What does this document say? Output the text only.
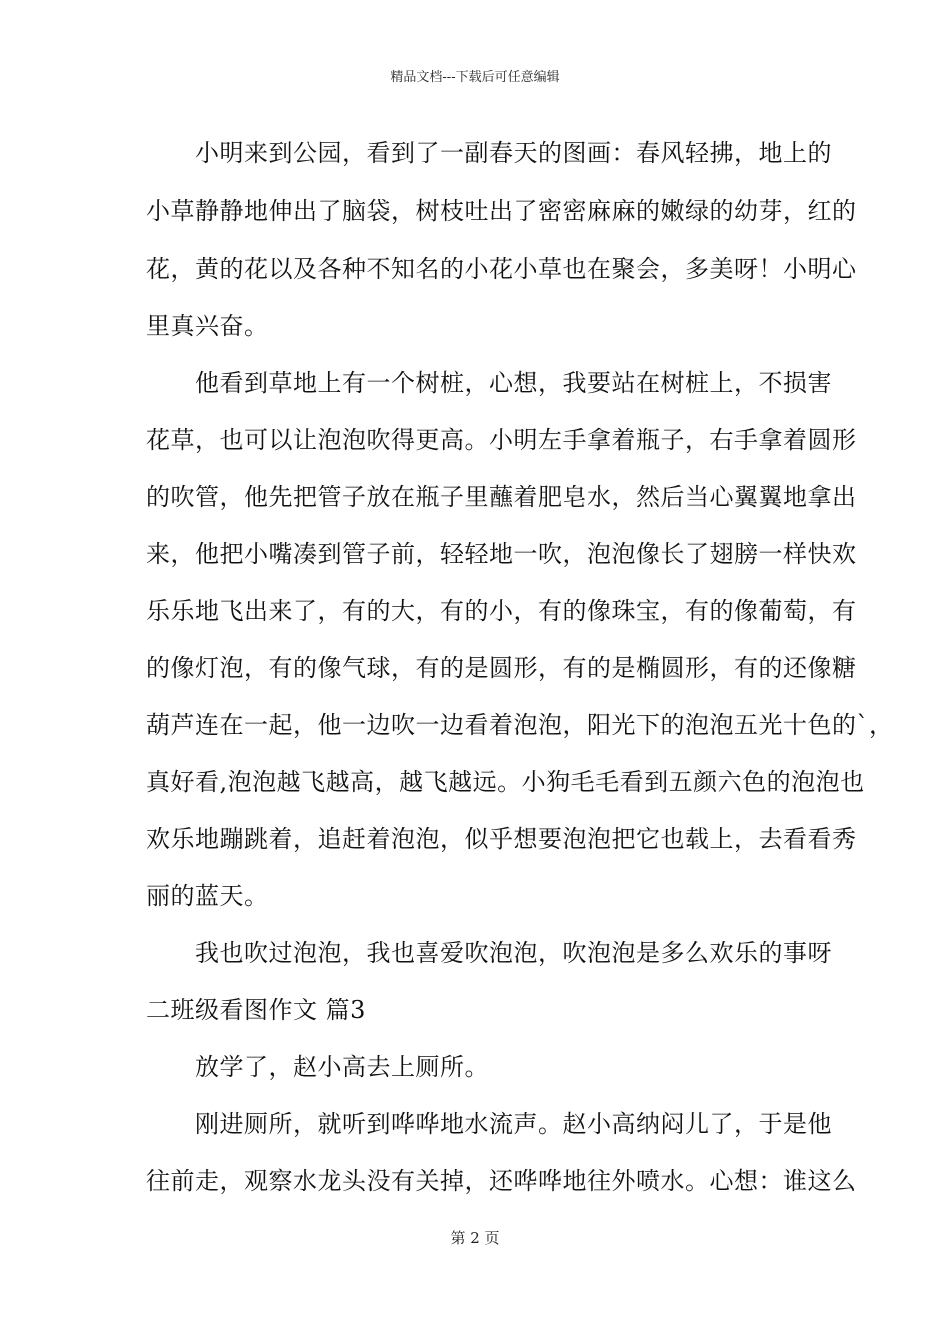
精品文档---下载后可任意编辑
　　小明来到公园，看到了一副春天的图画：春风轻拂，地上的
小草静静地伸出了脑袋，树枝吐出了密密麻麻的嫩绿的幼芽，红的
花，黄的花以及各种不知名的小花小草也在聚会，多美呀！小明心
里真兴奋。
　　他看到草地上有一个树桩，心想，我要站在树桩上，不损害
花草，也可以让泡泡吹得更高。小明左手拿着瓶子，右手拿着圆形
的吹管，他先把管子放在瓶子里蘸着肥皂水，然后当心翼翼地拿出
来，他把小嘴凑到管子前，轻轻地一吹，泡泡像长了翅膀一样快欢
乐乐地飞出来了，有的大，有的小，有的像珠宝，有的像葡萄，有
的像灯泡，有的像气球，有的是圆形，有的是椭圆形，有的还像糖
葫芦连在一起，他一边吹一边看着泡泡，阳光下的泡泡五光十色的`，
真好看,泡泡越飞越高，越飞越远。小狗毛毛看到五颜六色的泡泡也
欢乐地蹦跳着，追赶着泡泡，似乎想要泡泡把它也载上，去看看秀
丽的蓝天。
　　我也吹过泡泡，我也喜爱吹泡泡，吹泡泡是多么欢乐的事呀
二班级看图作文 篇3
　　放学了，赵小高去上厕所。
　　刚进厕所，就听到哗哗地水流声。赵小高纳闷儿了，于是他
往前走，观察水龙头没有关掉，还哗哗地往外喷水。心想：谁这么
第 2 页
